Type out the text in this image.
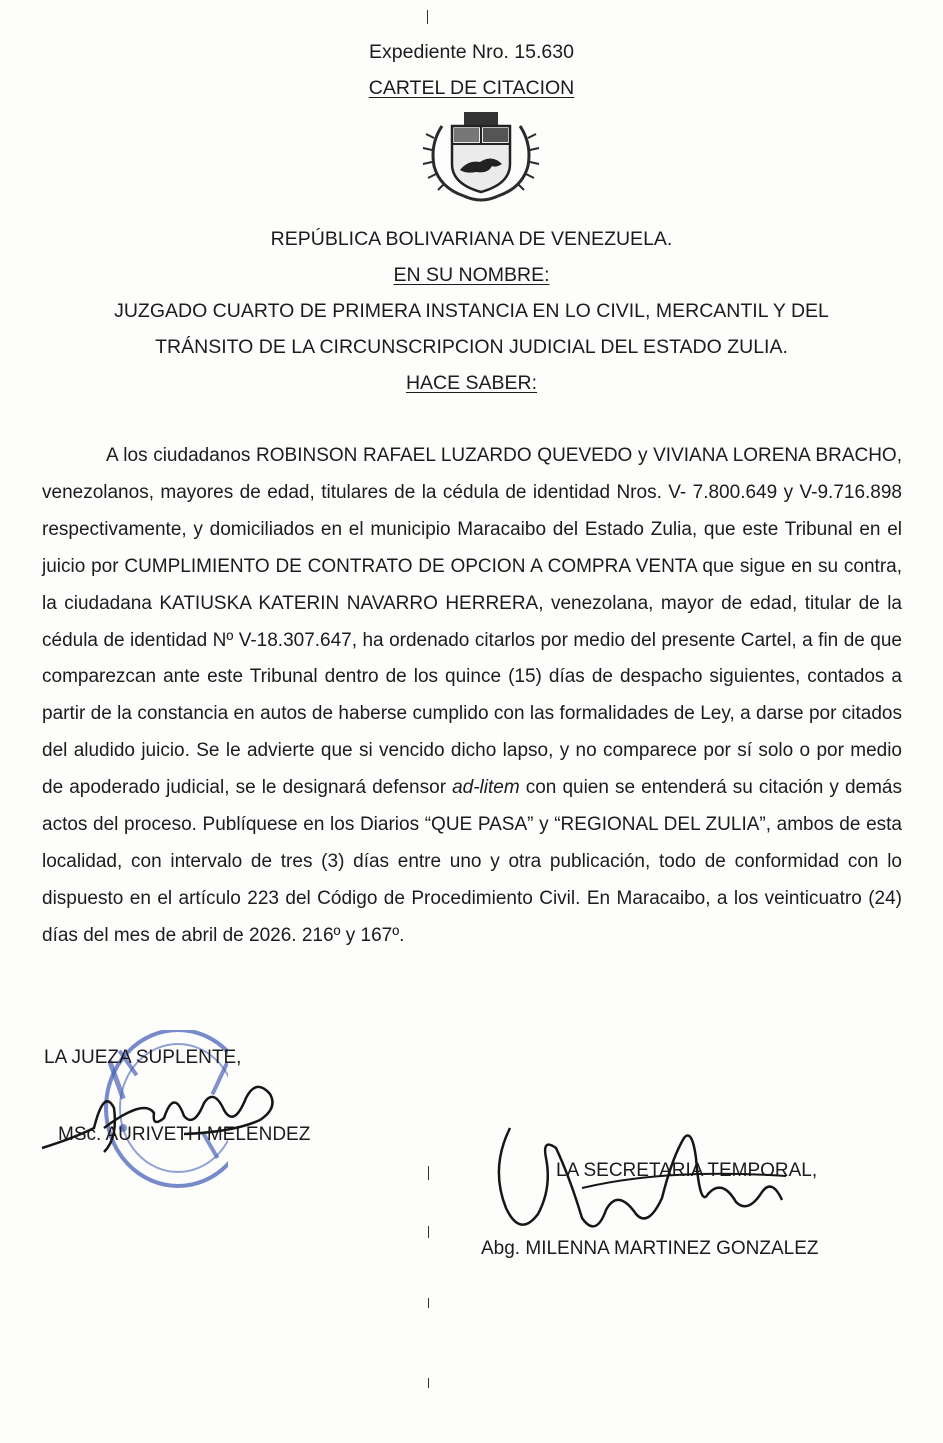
Expediente Nro. 15.630
CARTEL DE CITACION
REPÚBLICA BOLIVARIANA DE VENEZUELA.
EN SU NOMBRE:
JUZGADO CUARTO DE PRIMERA INSTANCIA EN LO CIVIL, MERCANTIL Y DEL
TRÁNSITO DE LA CIRCUNSCRIPCION JUDICIAL DEL ESTADO ZULIA.
HACE SABER:
A los ciudadanos ROBINSON RAFAEL LUZARDO QUEVEDO y VIVIANA LORENA BRACHO, venezolanos, mayores de edad, titulares de la cédula de identidad Nros. V- 7.800.649 y V-9.716.898 respectivamente, y domiciliados en el municipio Maracaibo del Estado Zulia, que este Tribunal en el juicio por CUMPLIMIENTO DE CONTRATO DE OPCION A COMPRA VENTA que sigue en su contra, la ciudadana KATIUSKA KATERIN NAVARRO HERRERA, venezolana, mayor de edad, titular de la cédula de identidad Nº V-18.307.647, ha ordenado citarlos por medio del presente Cartel, a fin de que comparezcan ante este Tribunal dentro de los quince (15) días de despacho siguientes, contados a partir de la constancia en autos de haberse cumplido con las formalidades de Ley, a darse por citados del aludido juicio. Se le advierte que si vencido dicho lapso, y no comparece por sí solo o por medio de apoderado judicial, se le designará defensor ad-litem con quien se entenderá su citación y demás actos del proceso. Publíquese en los Diarios “QUE PASA” y “REGIONAL DEL ZULIA”, ambos de esta localidad, con intervalo de tres (3) días entre uno y otra publicación, todo de conformidad con lo dispuesto en el artículo 223 del Código de Procedimiento Civil. En Maracaibo, a los veinticuatro (24) días del mes de abril de 2026. 216º y 167º.
LA JUEZA SUPLENTE,
MSc. AURIVETH MELENDEZ
LA SECRETARIA TEMPORAL,
Abg. MILENNA MARTINEZ GONZALEZ
